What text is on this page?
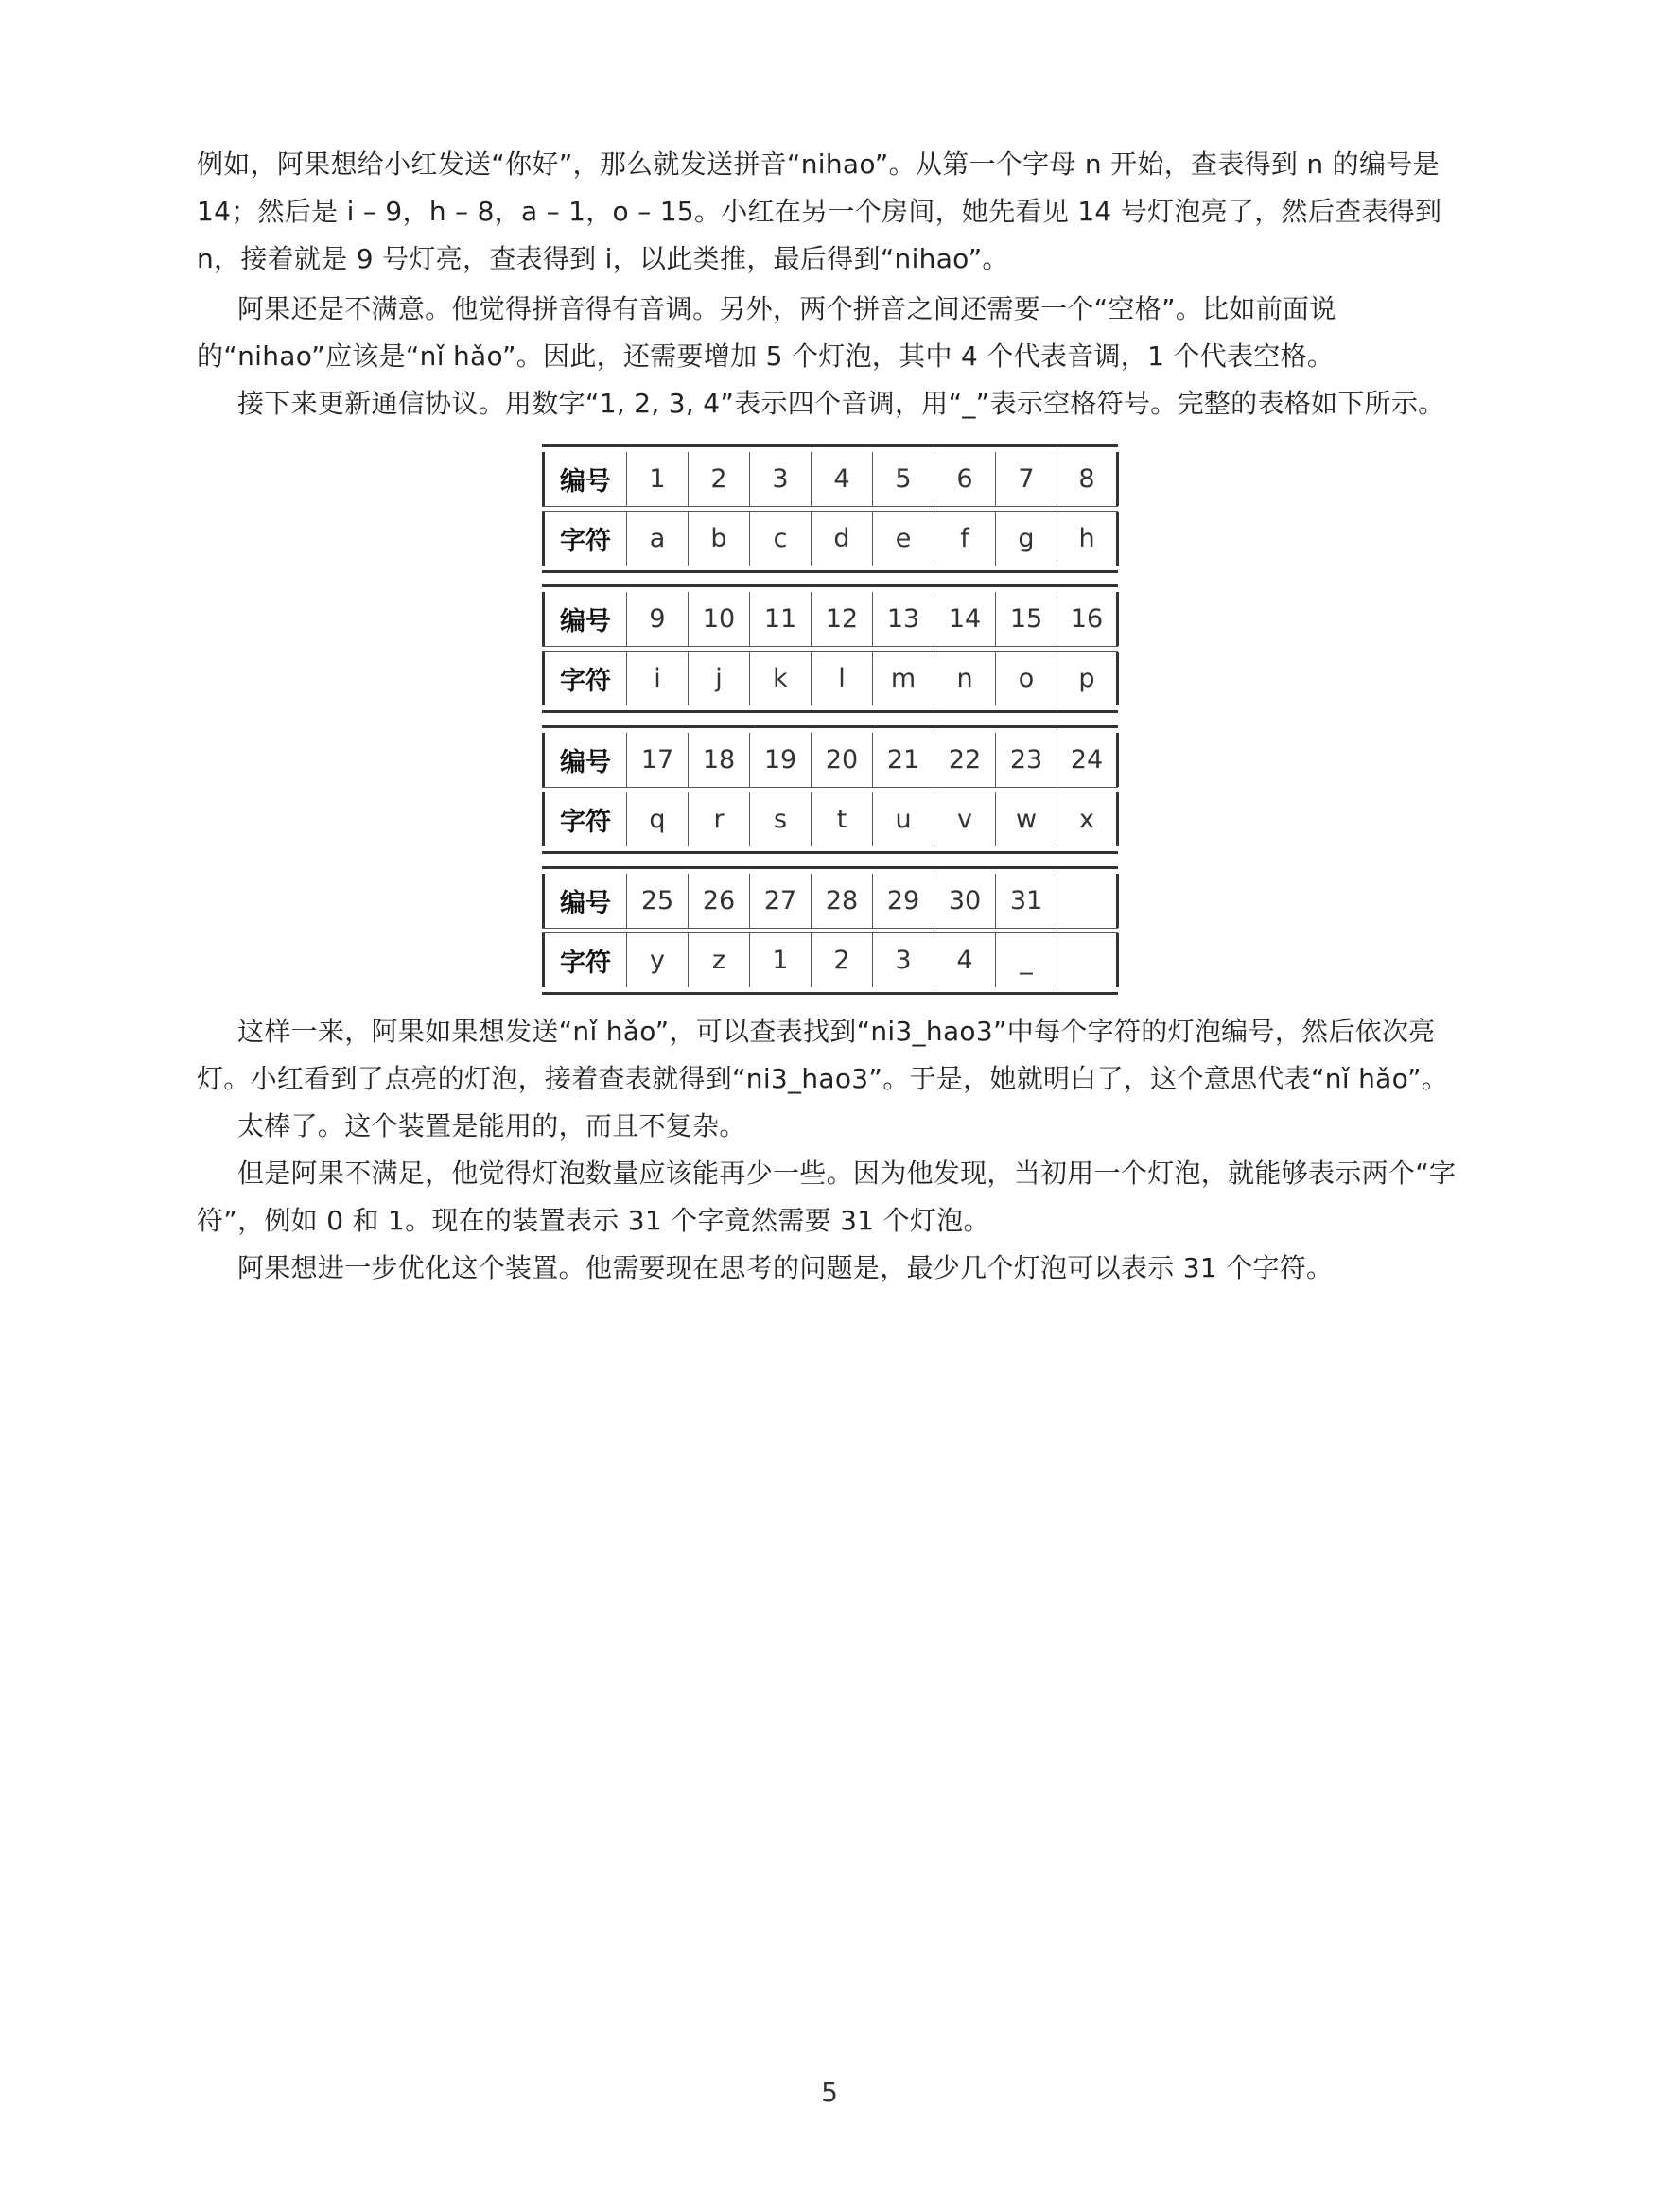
例如，阿果想给小红发送“你好”，那么就发送拼音“nihao”。从第一个字母 n 开始，查表得到 n 的编号是 14；然后是 i – 9，h – 8，a – 1，o – 15。小红在另一个房间，她先看见 14 号灯泡亮了，然后查表得到 n，接着就是 9 号灯亮，查表得到 i，以此类推，最后得到“nihao”。

阿果还是不满意。他觉得拼音得有音调。另外，两个拼音之间还需要一个“空格”。比如前面说的“nihao”应该是“nǐ hǎo”。因此，还需要增加 5 个灯泡，其中 4 个代表音调，1 个代表空格。

接下来更新通信协议。用数字“1, 2, 3, 4”表示四个音调，用“_”表示空格符号。完整的表格如下所示。

编号	1	2	3	4	5	6	7	8
字符	a	b	c	d	e	f	g	h
编号	9	10	11	12	13	14	15	16
字符	i	j	k	l	m	n	o	p
编号	17	18	19	20	21	22	23	24
字符	q	r	s	t	u	v	w	x
编号	25	26	27	28	29	30	31
字符	y	z	1	2	3	4	_

这样一来，阿果如果想发送“nǐ hǎo”，可以查表找到“ni3_hao3”中每个字符的灯泡编号，然后依次亮灯。小红看到了点亮的灯泡，接着查表就得到“ni3_hao3”。于是，她就明白了，这个意思代表“nǐ hǎo”。

太棒了。这个装置是能用的，而且不复杂。

但是阿果不满足，他觉得灯泡数量应该能再少一些。因为他发现，当初用一个灯泡，就能够表示两个“字符”，例如 0 和 1。现在的装置表示 31 个字竟然需要 31 个灯泡。

阿果想进一步优化这个装置。他需要现在思考的问题是，最少几个灯泡可以表示 31 个字符。

5
